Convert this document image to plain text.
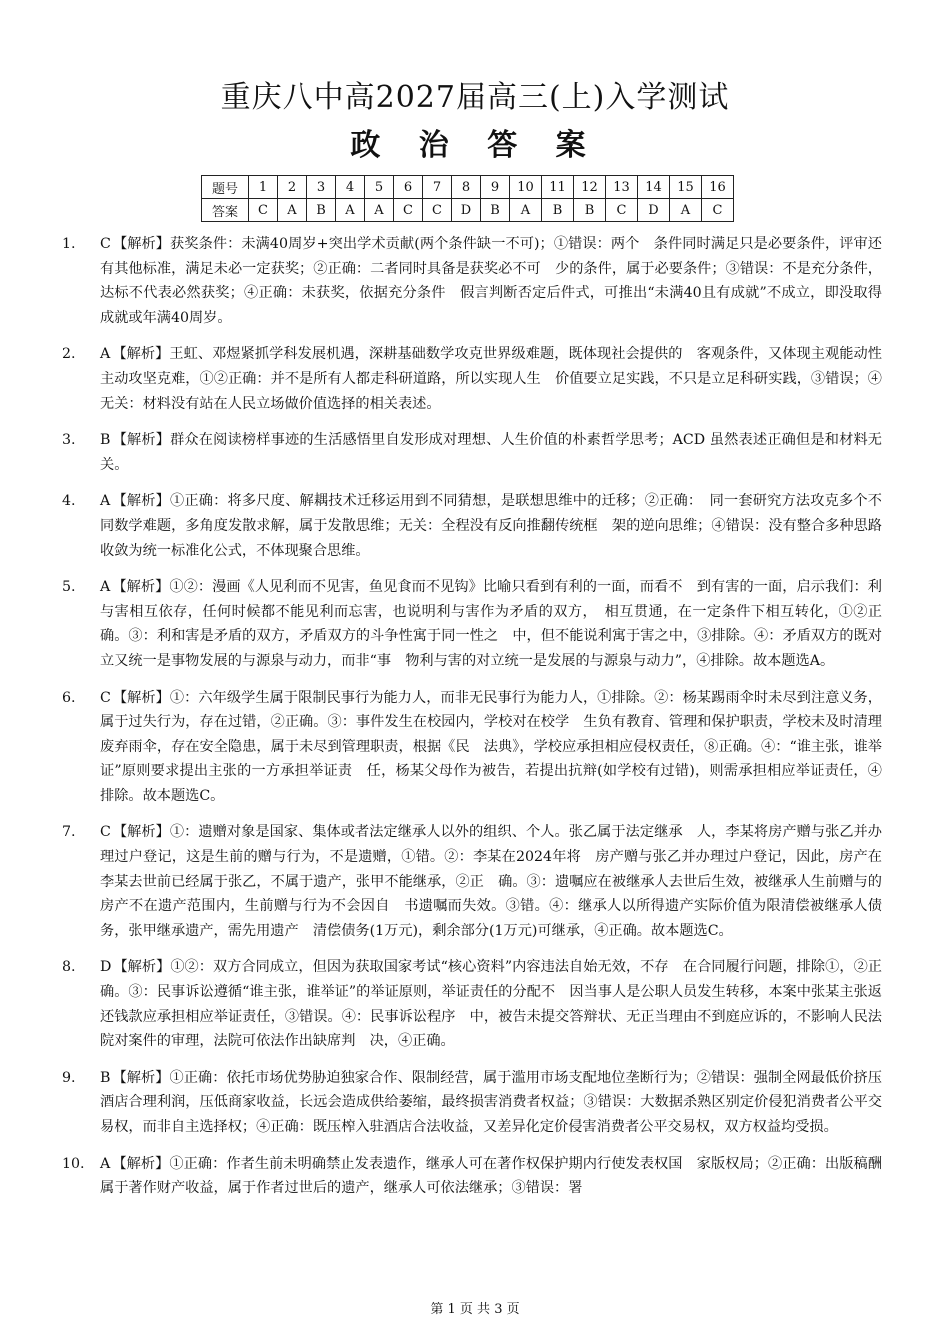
重庆八中高2027届高三(上)入学测试
政 治 答 案
题号	1	2	3	4	5	6	7	8	9	10	11	12	13	14	15	16
答案	C	A	B	A	A	C	C	D	B	A	B	B	C	D	A	C
1. C 【解析】获奖条件：未满40周岁+突出学术贡献(两个条件缺一不可)；①错误：两个　条件同时满足只是必要条件，评审还有其他标准，满足未必一定获奖；②正确：二者同时具备是获奖必不可　少的条件，属于必要条件；③错误：不是充分条件，达标不代表必然获奖；④正确：未获奖，依据充分条件　假言判断否定后件式，可推出“未满40且有成就”不成立，即没取得成就或年满40周岁。
2. A 【解析】王虹、邓煜紧抓学科发展机遇，深耕基础数学攻克世界级难题，既体现社会提供的　客观条件，又体现主观能动性主动攻坚克难，①②正确：并不是所有人都走科研道路，所以实现人生　价值要立足实践，不只是立足科研实践，③错误；④无关：材料没有站在人民立场做价值选择的相关表述。
3. B 【解析】群众在阅读榜样事迹的生活感悟里自发形成对理想、人生价值的朴素哲学思考；ACD 虽然表述正确但是和材料无关。
4. A 【解析】①正确：将多尺度、解耦技术迁移运用到不同猜想，是联想思维中的迁移；②正确：　同一套研究方法攻克多个不同数学难题，多角度发散求解，属于发散思维；无关：全程没有反向推翻传统框　架的逆向思维；④错误：没有整合多种思路收敛为统一标准化公式，不体现聚合思维。
5. A 【解析】①②：漫画《人见利而不见害，鱼见食而不见钩》比喻只看到有利的一面，而看不　到有害的一面，启示我们：利与害相互依存，任何时候都不能见利而忘害，也说明利与害作为矛盾的双方，　相互贯通，在一定条件下相互转化，①②正确。③：利和害是矛盾的双方，矛盾双方的斗争性寓于同一性之　中，但不能说利寓于害之中，③排除。④：矛盾双方的既对立又统一是事物发展的与源泉与动力，而非“事　物利与害的对立统一是发展的与源泉与动力”，④排除。故本题选A。
6. C 【解析】①：六年级学生属于限制民事行为能力人，而非无民事行为能力人，①排除。②：杨某踢雨伞时未尽到注意义务，属于过失行为，存在过错，②正确。③：事件发生在校园内，学校对在校学　生负有教育、管理和保护职责，学校未及时清理废弃雨伞，存在安全隐患，属于未尽到管理职责，根据《民　法典》，学校应承担相应侵权责任，⑧正确。④：“谁主张，谁举证”原则要求提出主张的一方承担举证责　任，杨某父母作为被告，若提出抗辩(如学校有过错)，则需承担相应举证责任，④排除。故本题选C。
7. C 【解析】①：遗赠对象是国家、集体或者法定继承人以外的组织、个人。张乙属于法定继承　人，李某将房产赠与张乙并办理过户登记，这是生前的赠与行为，不是遗赠，①错。②：李某在2024年将　房产赠与张乙并办理过户登记，因此，房产在李某去世前已经属于张乙，不属于遗产，张甲不能继承，②正　确。③：遗嘱应在被继承人去世后生效，被继承人生前赠与的房产不在遗产范围内，生前赠与行为不会因自　书遗嘱而失效。③错。④：继承人以所得遗产实际价值为限清偿被继承人债务，张甲继承遗产，需先用遗产　清偿债务(1万元)，剩余部分(1万元)可继承，④正确。故本题选C。
8. D 【解析】①②：双方合同成立，但因为获取国家考试“核心资料”内容违法自始无效，不存　在合同履行问题，排除①，②正确。③：民事诉讼遵循“谁主张，谁举证”的举证原则，举证责任的分配不　因当事人是公职人员发生转移，本案中张某主张返还钱款应承担相应举证责任，③错误。④：民事诉讼程序　中，被告未提交答辩状、无正当理由不到庭应诉的，不影响人民法院对案件的审理，法院可依法作出缺席判　决，④正确。
9. B 【解析】①正确：依托市场优势胁迫独家合作、限制经营，属于滥用市场支配地位垄断行为；②错误：强制全网最低价挤压酒店合理利润，压低商家收益，长远会造成供给萎缩，最终损害消费者权益；③错误：大数据杀熟区别定价侵犯消费者公平交易权，而非自主选择权；④正确：既压榨入驻酒店合法收益，又差异化定价侵害消费者公平交易权，双方权益均受损。
10. A 【解析】①正确：作者生前未明确禁止发表遗作，继承人可在著作权保护期内行使发表权国　家版权局；②正确：出版稿酬属于著作财产收益，属于作者过世后的遗产，继承人可依法继承；③错误：署
第 1 页 共 3 页
